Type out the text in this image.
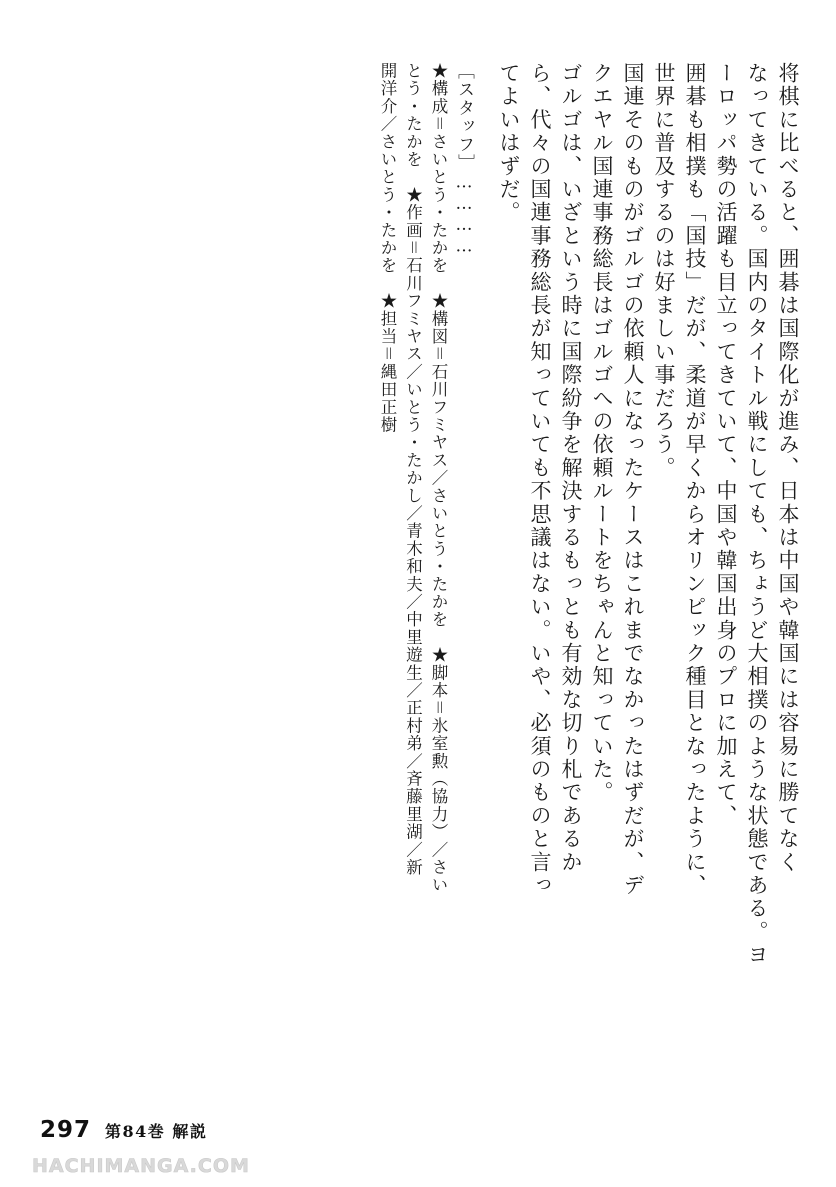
将棋に比べると、囲碁は国際化が進み、日本は中国や韓国には容易に勝てなく
なってきている。国内のタイトル戦にしても、ちょうど大相撲のような状態である。ヨ
ーロッパ勢の活躍も目立ってきていて、中国や韓国出身のプロに加えて、
囲碁も相撲も「国技」だが、柔道が早くからオリンピック種目となったように、
世界に普及するのは好ましい事だろう。
国連そのものがゴルゴの依頼人になったケースはこれまでなかったはずだが、デ
クエヤル国連事務総長はゴルゴへの依頼ルートをちゃんと知っていた。
ゴルゴは、いざという時に国際紛争を解決するもっとも有効な切り札であるか
ら、代々の国連事務総長が知っていても不思議はない。いや、必須のものと言っ
てよいはずだ。
［スタッフ］…………
★構成＝さいとう・たかを　★構図＝石川フミヤス／さいとう・たかを　★脚本＝氷室勲（協力）／さい
とう・たかを　★作画＝石川フミヤス／いとう・たかし／青木和夫／中里遊生／正村弟／斉藤里湖／新
開洋介／さいとう・たかを　★担当＝縄田正樹
297 第84巻 解説
HACHIMANGA.COM
